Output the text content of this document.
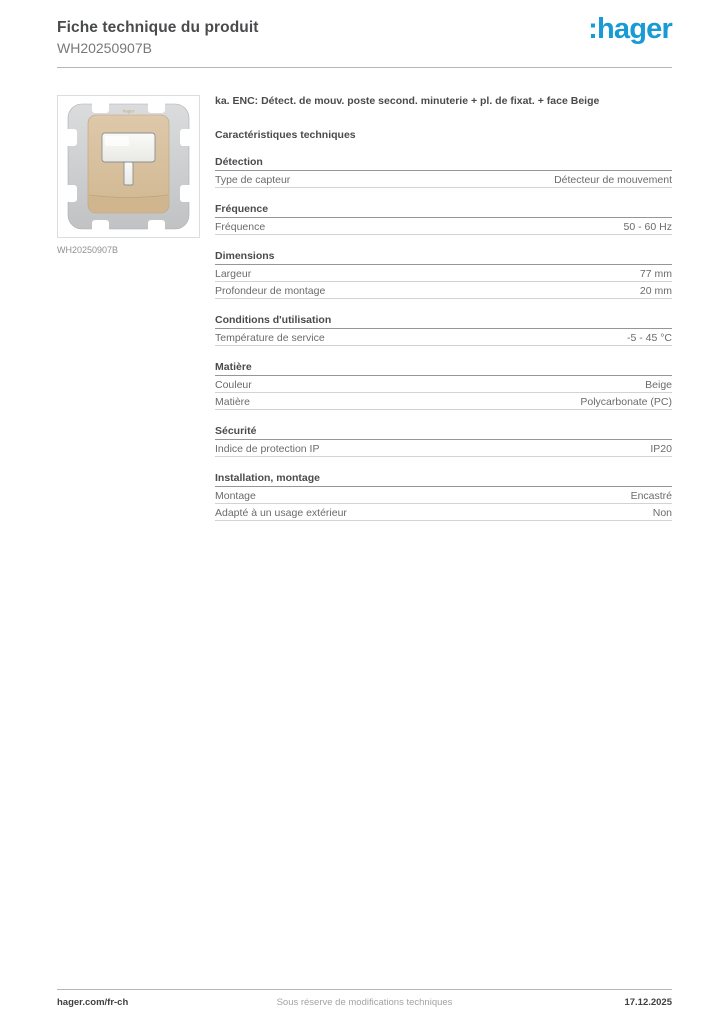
Fiche technique du produit
WH20250907B
:hager
hager
WH20250907B
ka. ENC: Détect. de mouv. poste second. minuterie + pl. de fixat. + face Beige
Caractéristiques techniques
Détection
Type de capteur	Détecteur de mouvement
Fréquence
Fréquence	50 - 60 Hz
Dimensions
Largeur	77 mm
Profondeur de montage	20 mm
Conditions d'utilisation
Température de service	-5 - 45 °C
Matière
Couleur	Beige
Matière	Polycarbonate (PC)
Sécurité
Indice de protection IP	IP20
Installation, montage
Montage	Encastré
Adapté à un usage extérieur	Non
hager.com/fr-ch	Sous réserve de modifications techniques	17.12.2025
